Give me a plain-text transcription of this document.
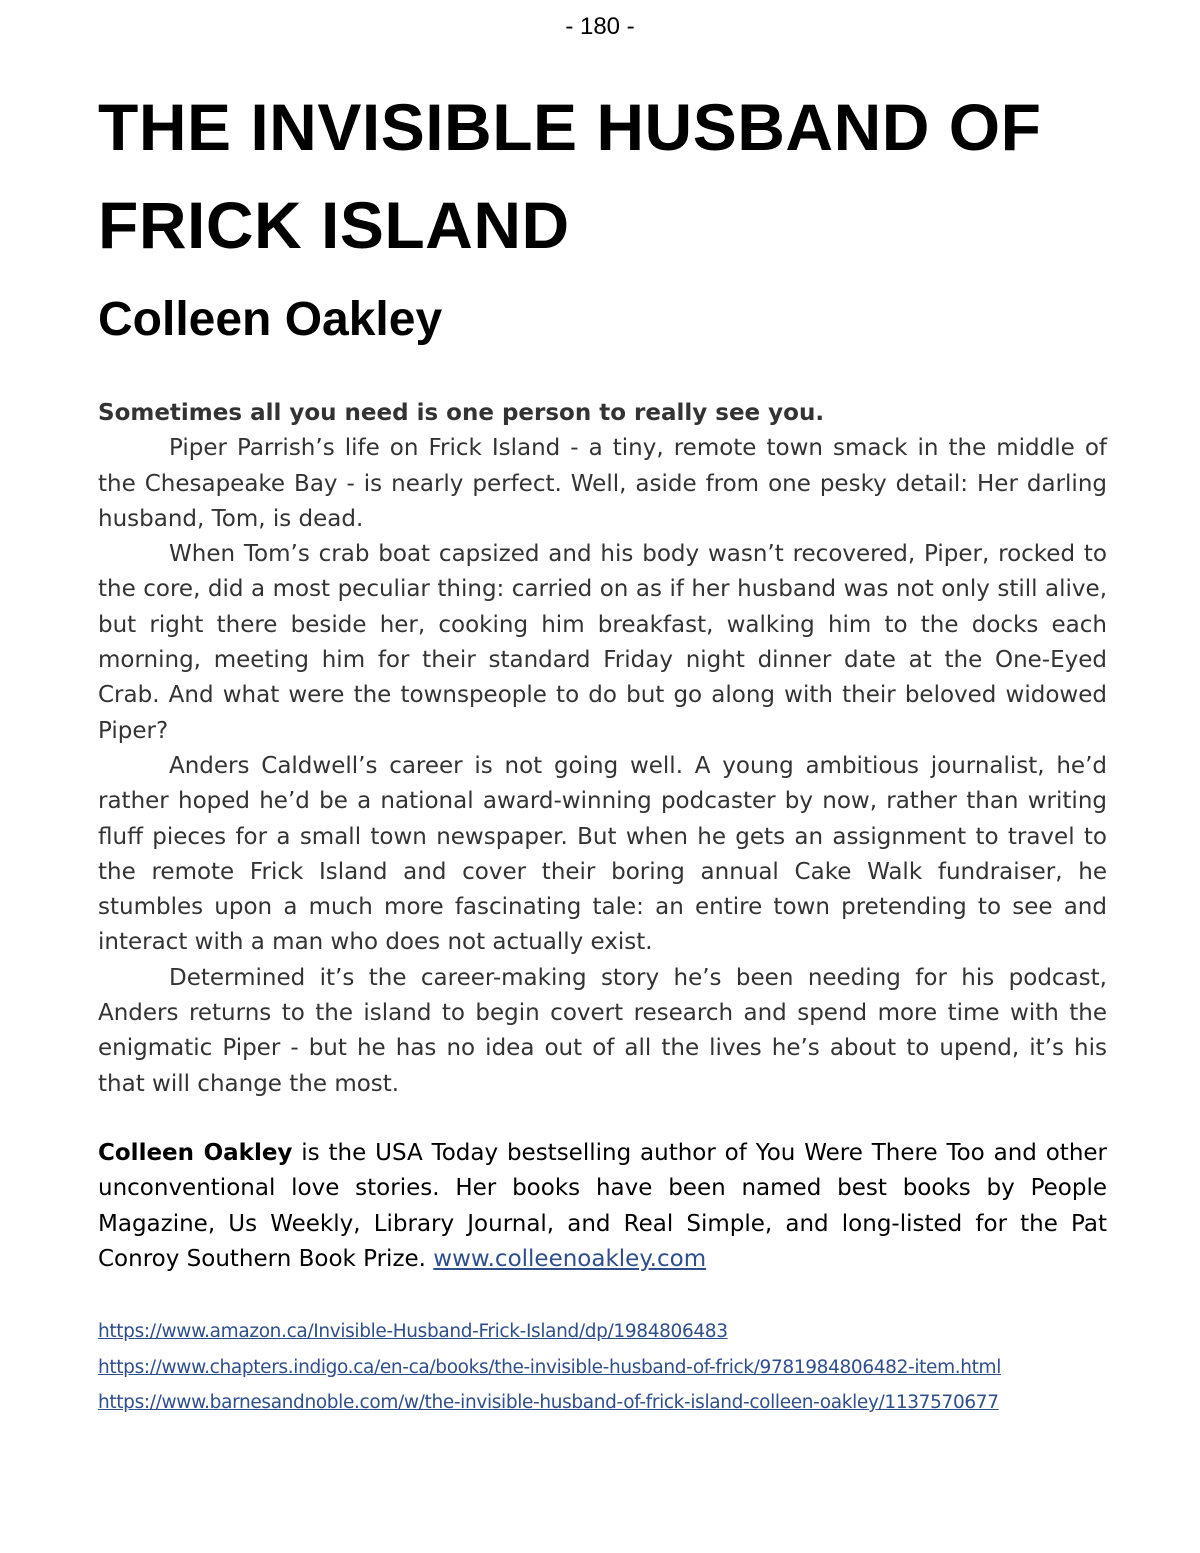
- 180 -
THE INVISIBLE HUSBAND OF FRICK ISLAND
Colleen Oakley

Sometimes all you need is one person to really see you.

Piper Parrish’s life on Frick Island - a tiny, remote town smack in the middle of the Chesapeake Bay - is nearly perfect. Well, aside from one pesky detail: Her darling husband, Tom, is dead.

When Tom’s crab boat capsized and his body wasn’t recovered, Piper, rocked to the core, did a most peculiar thing: carried on as if her husband was not only still alive, but right there beside her, cooking him breakfast, walking him to the docks each morning, meeting him for their standard Friday night dinner date at the One-Eyed Crab. And what were the townspeople to do but go along with their beloved widowed Piper?

Anders Caldwell’s career is not going well. A young ambitious journalist, he’d rather hoped he’d be a national award-winning podcaster by now, rather than writing fluff pieces for a small town newspaper. But when he gets an assignment to travel to the remote Frick Island and cover their boring annual Cake Walk fundraiser, he stumbles upon a much more fascinating tale: an entire town pretending to see and interact with a man who does not actually exist.

Determined it’s the career-making story he’s been needing for his podcast, Anders returns to the island to begin covert research and spend more time with the enigmatic Piper - but he has no idea out of all the lives he’s about to upend, it’s his that will change the most.

Colleen Oakley is the USA Today bestselling author of You Were There Too and other unconventional love stories. Her books have been named best books by People Magazine, Us Weekly, Library Journal, and Real Simple, and long-listed for the Pat Conroy Southern Book Prize. www.colleenoakley.com

https://www.amazon.ca/Invisible-Husband-Frick-Island/dp/1984806483
https://www.chapters.indigo.ca/en-ca/books/the-invisible-husband-of-frick/9781984806482-item.html
https://www.barnesandnoble.com/w/the-invisible-husband-of-frick-island-colleen-oakley/1137570677
